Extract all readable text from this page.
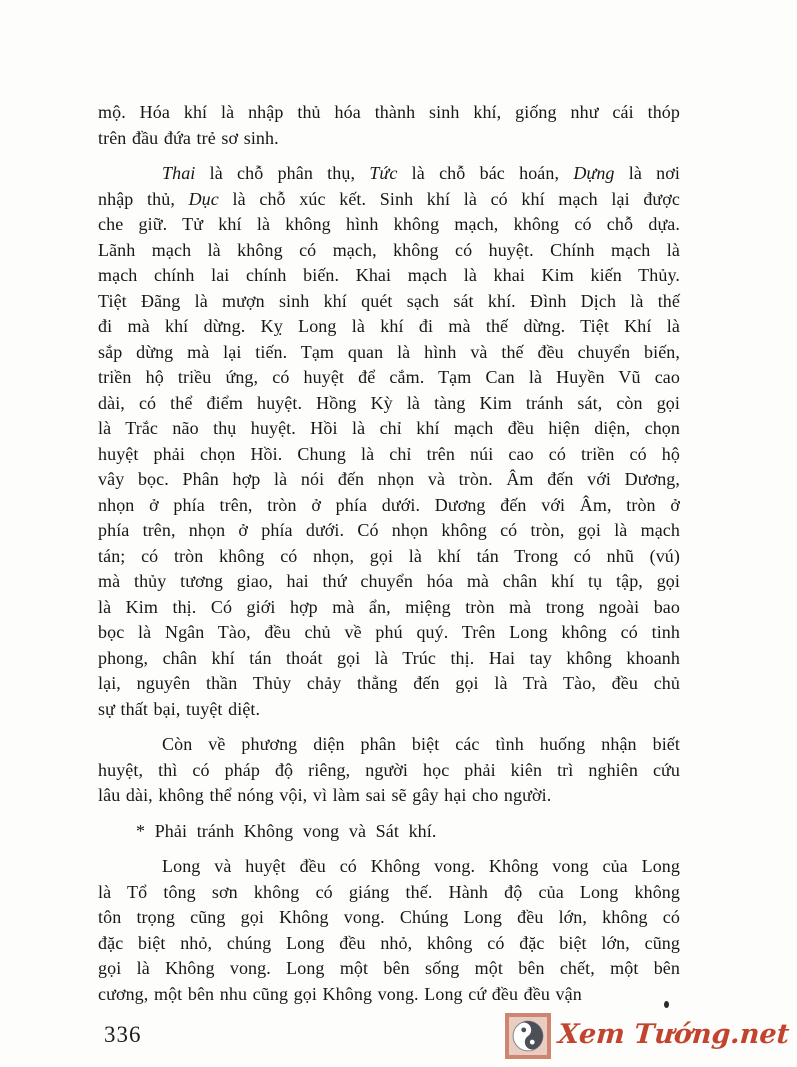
mộ. Hóa khí là nhập thủ hóa thành sinh khí, giống như cái thóp
trên đầu đứa trẻ sơ sinh.
Thai là chỗ phân thụ, Tức là chỗ bác hoán, Dựng là nơi
nhập thủ, Dục là chỗ xúc kết. Sinh khí là có khí mạch lại được
che giữ. Tử khí là không hình không mạch, không có chỗ dựa.
Lãnh mạch là không có mạch, không có huyệt. Chính mạch là
mạch chính lai chính biến. Khai mạch là khai Kim kiến Thủy.
Tiệt Đãng là mượn sinh khí quét sạch sát khí. Đình Dịch là thế
đi mà khí dừng. Kỵ Long là khí đi mà thế dừng. Tiệt Khí là
sắp dừng mà lại tiến. Tạm quan là hình và thế đều chuyển biến,
triền hộ triều ứng, có huyệt để cắm. Tạm Can là Huyền Vũ cao
dài, có thể điểm huyệt. Hồng Kỳ là tàng Kim tránh sát, còn gọi
là Trắc não thụ huyệt. Hồi là chỉ khí mạch đều hiện diện, chọn
huyệt phải chọn Hồi. Chung là chỉ trên núi cao có triền có hộ
vây bọc. Phân hợp là nói đến nhọn và tròn. Âm đến với Dương,
nhọn ở phía trên, tròn ở phía dưới. Dương đến với Âm, tròn ở
phía trên, nhọn ở phía dưới. Có nhọn không có tròn, gọi là mạch
tán; có tròn không có nhọn, gọi là khí tán Trong có nhũ (vú)
mà thủy tương giao, hai thứ chuyển hóa mà chân khí tụ tập, gọi
là Kim thị. Có giới hợp mà ẩn, miệng tròn mà trong ngoài bao
bọc là Ngân Tào, đều chủ về phú quý. Trên Long không có tinh
phong, chân khí tán thoát gọi là Trúc thị. Hai tay không khoanh
lại, nguyên thần Thủy chảy thẳng đến gọi là Trà Tào, đều chủ
sự thất bại, tuyệt diệt.
Còn về phương diện phân biệt các tình huống nhận biết
huyệt, thì có pháp độ riêng, người học phải kiên trì nghiên cứu
lâu dài, không thể nóng vội, vì làm sai sẽ gây hại cho người.
* Phải tránh Không vong và Sát khí.
Long và huyệt đều có Không vong. Không vong của Long
là Tổ tông sơn không có giáng thế. Hành độ của Long không
tôn trọng cũng gọi Không vong. Chúng Long đều lớn, không có
đặc biệt nhỏ, chúng Long đều nhỏ, không có đặc biệt lớn, cũng
gọi là Không vong. Long một bên sống một bên chết, một bên
cương, một bên nhu cũng gọi Không vong. Long cứ đều đều vận
336	Xem Tướng.net
